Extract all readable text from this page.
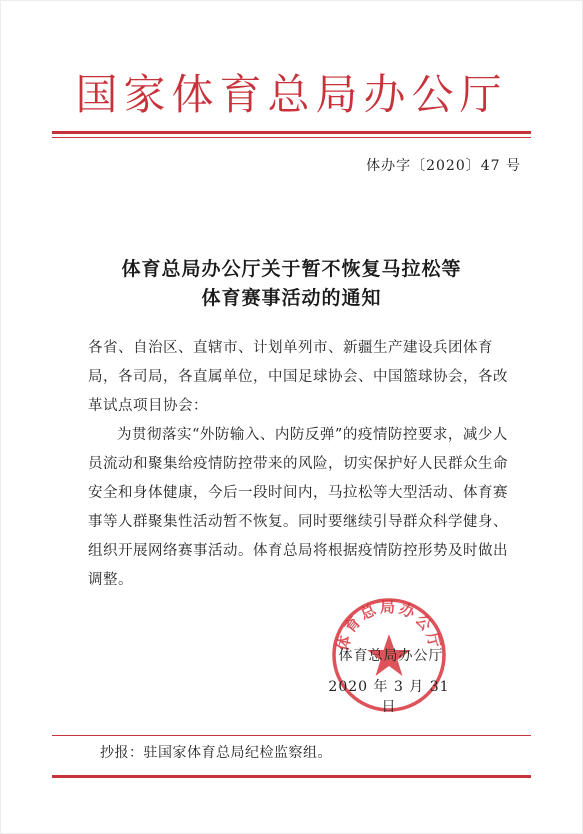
国家体育总局办公厅
体办字〔2020〕47 号
体育总局办公厅关于暂不恢复马拉松等
体育赛事活动的通知
各省、自治区、直辖市、计划单列市、新疆生产建设兵团体育局，各司局，各直属单位，中国足球协会、中国篮球协会，各改革试点项目协会：
为贯彻落实“外防输入、内防反弹”的疫情防控要求，减少人员流动和聚集给疫情防控带来的风险，切实保护好人民群众生命安全和身体健康，今后一段时间内，马拉松等大型活动、体育赛事等人群聚集性活动暂不恢复。同时要继续引导群众科学健身、组织开展网络赛事活动。体育总局将根据疫情防控形势及时做出调整。
体育总局办公厅
体育总局办公厅
2020 年 3 月 31 日
抄报：驻国家体育总局纪检监察组。
